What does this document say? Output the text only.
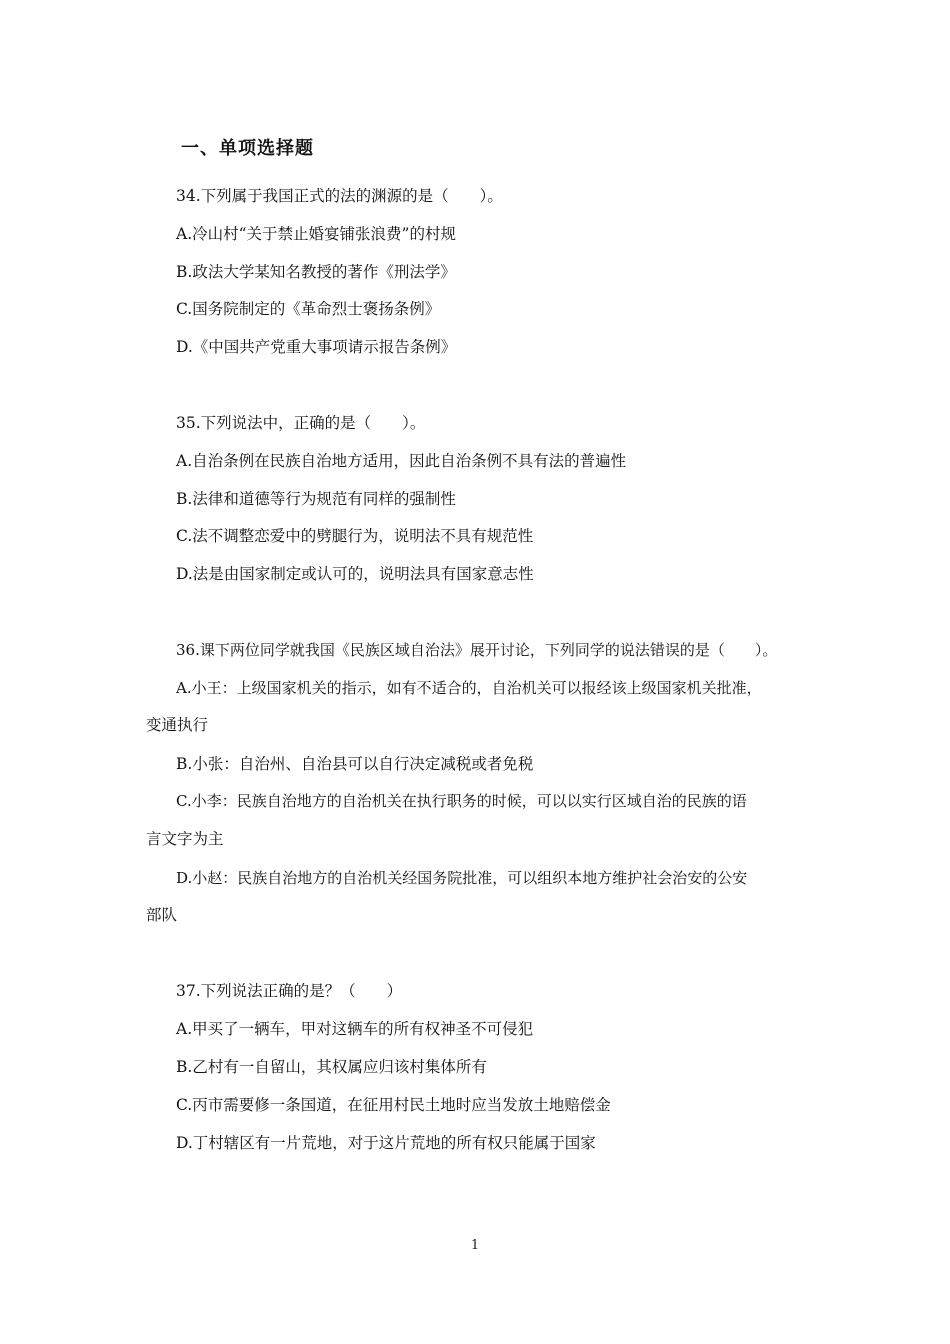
一、单项选择题
34.下列属于我国正式的法的渊源的是（　　）。
A.冷山村“关于禁止婚宴铺张浪费”的村规
B.政法大学某知名教授的著作《刑法学》
C.国务院制定的《革命烈士褒扬条例》
D.《中国共产党重大事项请示报告条例》
35.下列说法中，正确的是（　　）。
A.自治条例在民族自治地方适用，因此自治条例不具有法的普遍性
B.法律和道德等行为规范有同样的强制性
C.法不调整恋爱中的劈腿行为，说明法不具有规范性
D.法是由国家制定或认可的，说明法具有国家意志性
36.课下两位同学就我国《民族区域自治法》展开讨论，下列同学的说法错误的是（　　）。
A.小王：上级国家机关的指示，如有不适合的，自治机关可以报经该上级国家机关批准，
变通执行
B.小张：自治州、自治县可以自行决定减税或者免税
C.小李：民族自治地方的自治机关在执行职务的时候，可以以实行区域自治的民族的语
言文字为主
D.小赵：民族自治地方的自治机关经国务院批准，可以组织本地方维护社会治安的公安
部队
37.下列说法正确的是？（　　）
A.甲买了一辆车，甲对这辆车的所有权神圣不可侵犯
B.乙村有一自留山，其权属应归该村集体所有
C.丙市需要修一条国道，在征用村民土地时应当发放土地赔偿金
D.丁村辖区有一片荒地，对于这片荒地的所有权只能属于国家
1
